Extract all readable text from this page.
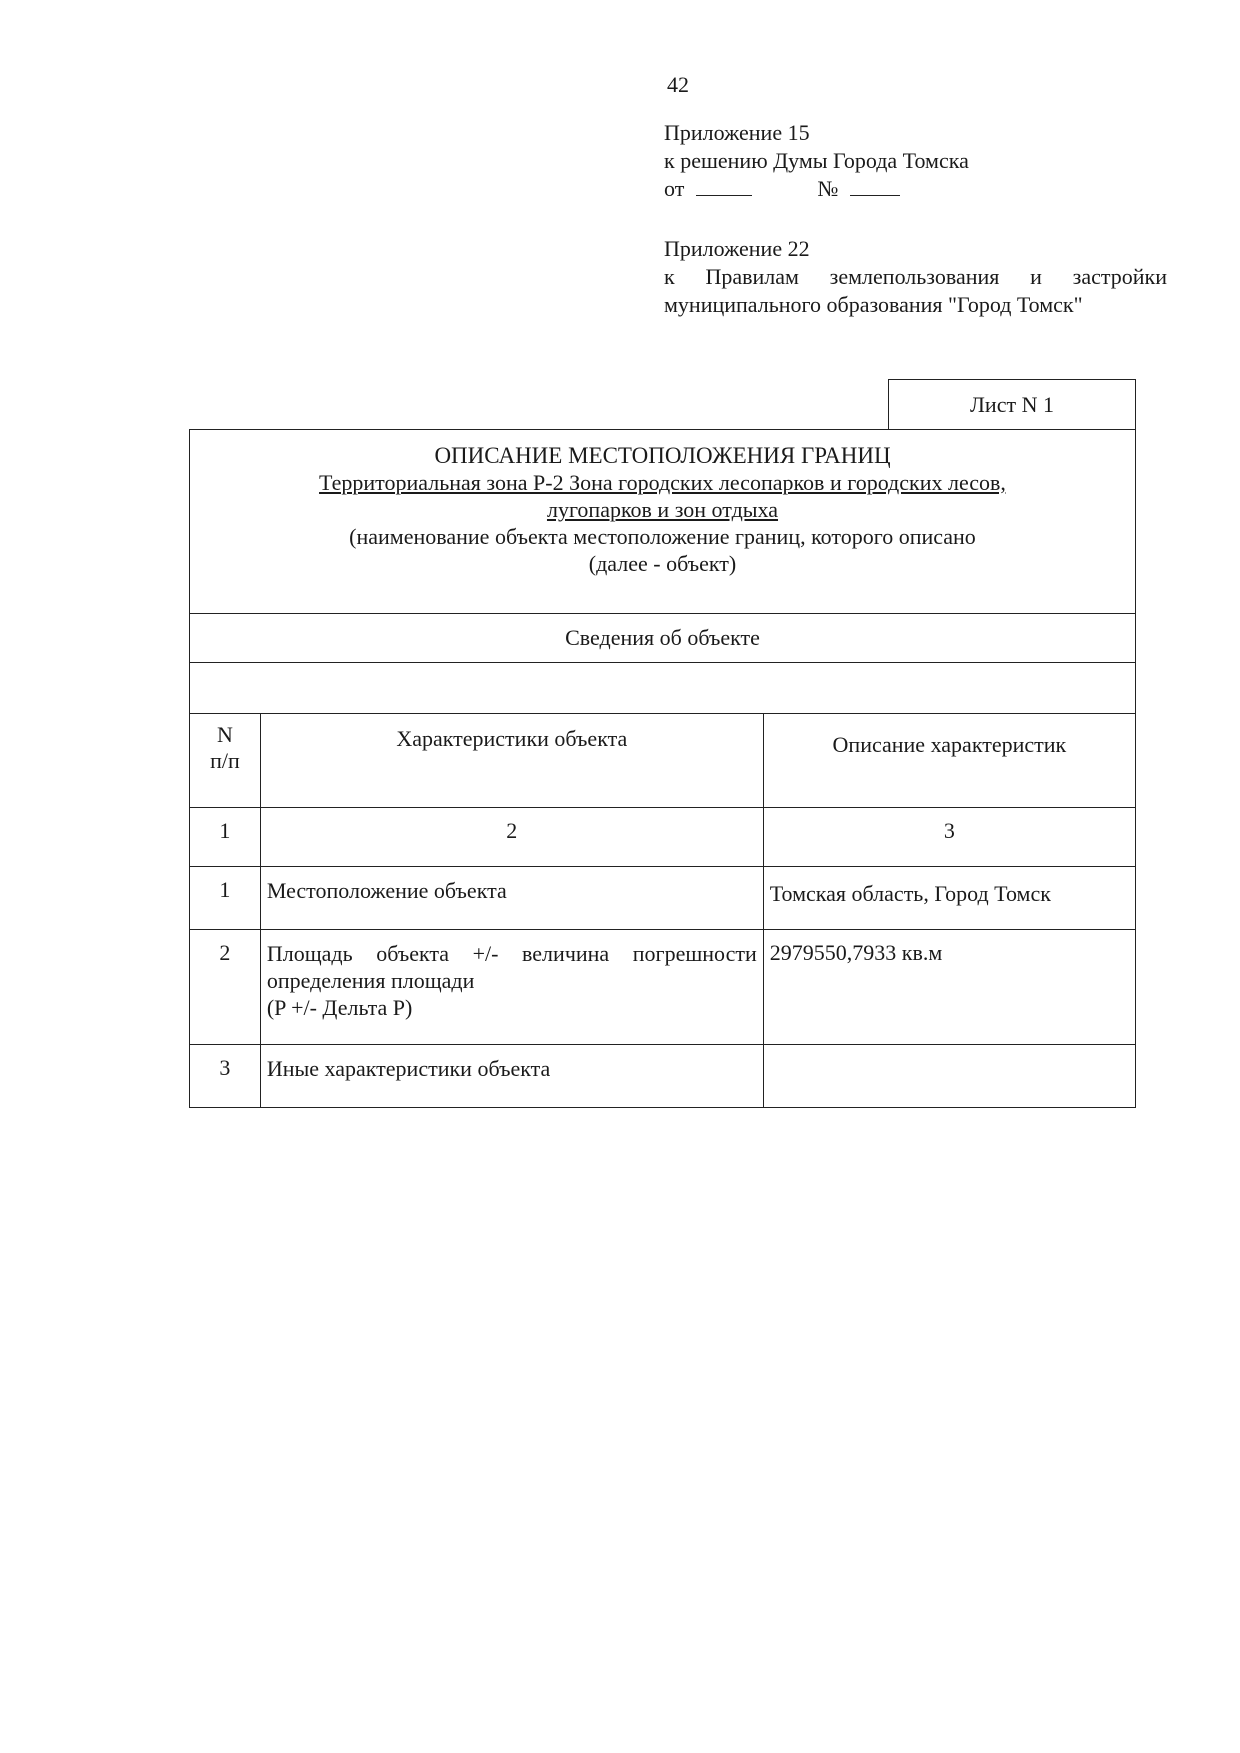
42
Приложение 15
к решению Думы Города Томска
от	№
Приложение 22
к Правилам землепользования и застройки
муниципального образования "Город Томск"
Лист N 1
ОПИСАНИЕ МЕСТОПОЛОЖЕНИЯ ГРАНИЦ
Территориальная зона Р-2 Зона городских лесопарков и городских лесов,
лугопарков и зон отдыха
(наименование объекта местоположение границ, которого описано
(далее - объект)		

Сведения об объекте		

N
п/п	Характеристики объекта	Описание характеристик
1	2	3
1	Местоположение объекта	Томская область, Город Томск
2	Площадь объекта +/- величина погрешности
определения площади
(P +/- Дельта P)	2979550,7933 кв.м
3	Иные характеристики объекта	
